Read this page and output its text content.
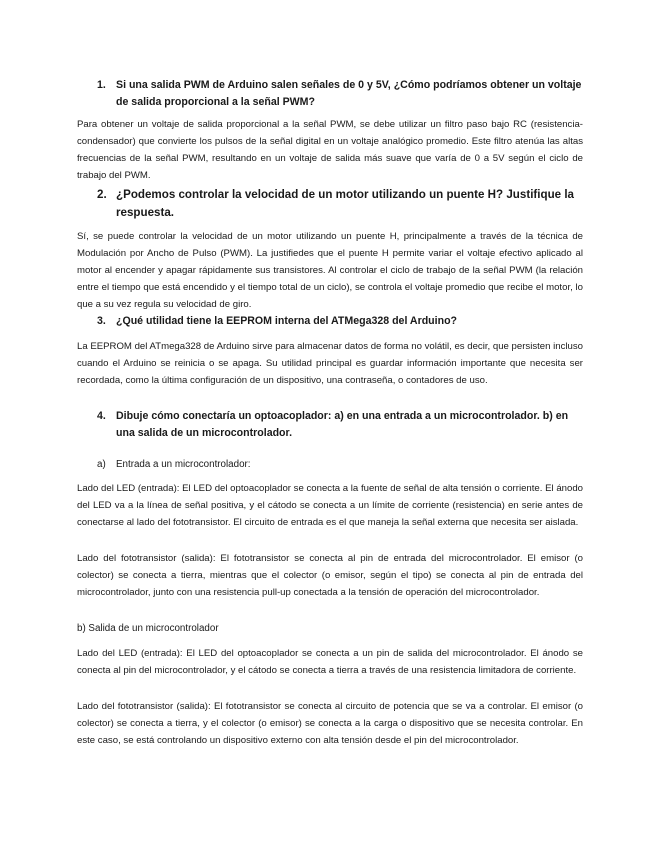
1. Si una salida PWM de Arduino salen señales de 0 y 5V, ¿Cómo podríamos obtener un voltaje de salida proporcional a la señal PWM?
Para obtener un voltaje de salida proporcional a la señal PWM, se debe utilizar un filtro paso bajo RC (resistencia-condensador) que convierte los pulsos de la señal digital en un voltaje analógico promedio. Este filtro atenúa las altas frecuencias de la señal PWM, resultando en un voltaje de salida más suave que varía de 0 a 5V según el ciclo de trabajo del PWM.
2. ¿Podemos controlar la velocidad de un motor utilizando un puente H? Justifique la respuesta.
Sí, se puede controlar la velocidad de un motor utilizando un puente H, principalmente a través de la técnica de Modulación por Ancho de Pulso (PWM). La justifiedes que el puente H permite variar el voltaje efectivo aplicado al motor al encender y apagar rápidamente sus transistores. Al controlar el ciclo de trabajo de la señal PWM (la relación entre el tiempo que está encendido y el tiempo total de un ciclo), se controla el voltaje promedio que recibe el motor, lo que a su vez regula su velocidad de giro.
3. ¿Qué utilidad tiene la EEPROM interna del ATMega328 del Arduino?
La EEPROM del ATmega328 de Arduino sirve para almacenar datos de forma no volátil, es decir, que persisten incluso cuando el Arduino se reinicia o se apaga. Su utilidad principal es guardar información importante que necesita ser recordada, como la última configuración de un dispositivo, una contraseña, o contadores de uso.
4. Dibuje cómo conectaría un optoacoplador: a) en una entrada a un microcontrolador. b) en una salida de un microcontrolador.
a) Entrada a un microcontrolador:
Lado del LED (entrada): El LED del optoacoplador se conecta a la fuente de señal de alta tensión o corriente. El ánodo del LED va a la línea de señal positiva, y el cátodo se conecta a un límite de corriente (resistencia) en serie antes de conectarse al lado del fototransistor. El circuito de entrada es el que maneja la señal externa que necesita ser aislada.
Lado del fototransistor (salida): El fototransistor se conecta al pin de entrada del microcontrolador. El emisor (o colector) se conecta a tierra, mientras que el colector (o emisor, según el tipo) se conecta al pin de entrada del microcontrolador, junto con una resistencia pull-up conectada a la tensión de operación del microcontrolador.
b) Salida de un microcontrolador
Lado del LED (entrada): El LED del optoacoplador se conecta a un pin de salida del microcontrolador. El ánodo se conecta al pin del microcontrolador, y el cátodo se conecta a tierra a través de una resistencia limitadora de corriente.
Lado del fototransistor (salida): El fototransistor se conecta al circuito de potencia que se va a controlar. El emisor (o colector) se conecta a tierra, y el colector (o emisor) se conecta a la carga o dispositivo que se necesita controlar. En este caso, se está controlando un dispositivo externo con alta tensión desde el pin del microcontrolador.
